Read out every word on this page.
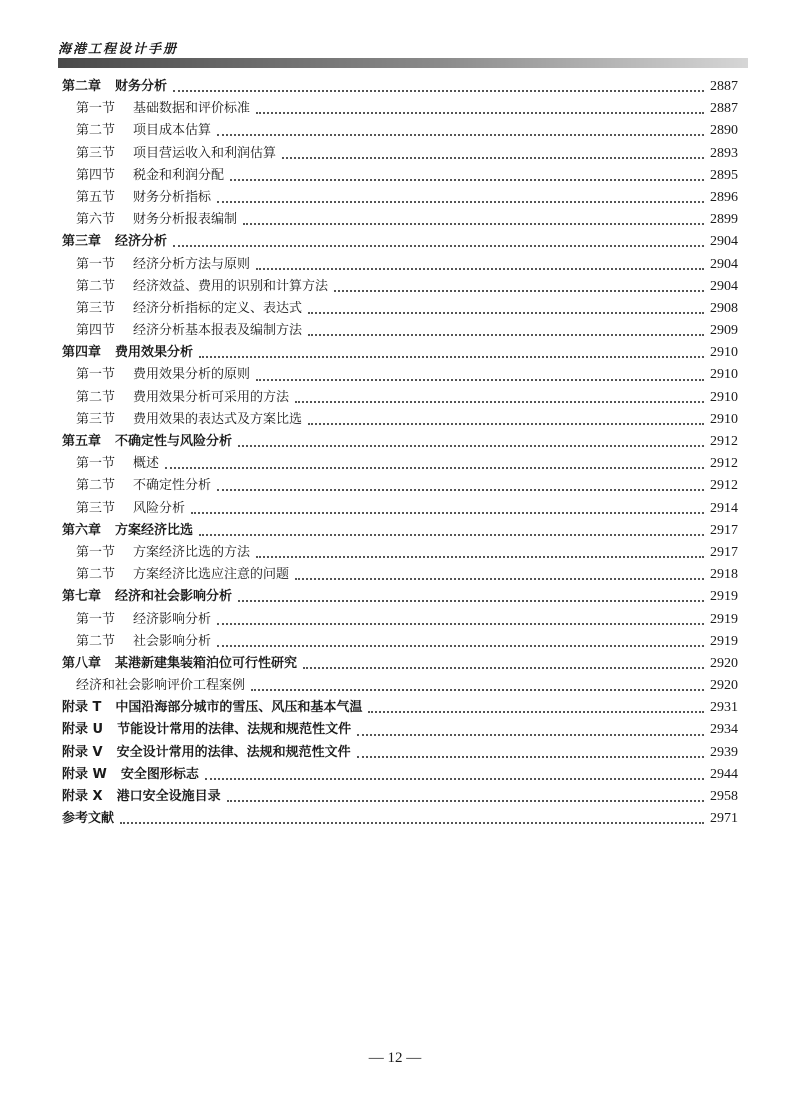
海港工程设计手册
第二章 财务分析	2887
第一节 基础数据和评价标准	2887
第二节 项目成本估算	2890
第三节 项目营运收入和利润估算	2893
第四节 税金和利润分配	2895
第五节 财务分析指标	2896
第六节 财务分析报表编制	2899
第三章 经济分析	2904
第一节 经济分析方法与原则	2904
第二节 经济效益、费用的识别和计算方法	2904
第三节 经济分析指标的定义、表达式	2908
第四节 经济分析基本报表及编制方法	2909
第四章 费用效果分析	2910
第一节 费用效果分析的原则	2910
第二节 费用效果分析可采用的方法	2910
第三节 费用效果的表达式及方案比选	2910
第五章 不确定性与风险分析	2912
第一节 概述	2912
第二节 不确定性分析	2912
第三节 风险分析	2914
第六章 方案经济比选	2917
第一节 方案经济比选的方法	2917
第二节 方案经济比选应注意的问题	2918
第七章 经济和社会影响分析	2919
第一节 经济影响分析	2919
第二节 社会影响分析	2919
第八章 某港新建集装箱泊位可行性研究	2920
经济和社会影响评价工程案例	2920
附录 T 中国沿海部分城市的雪压、风压和基本气温	2931
附录 U 节能设计常用的法律、法规和规范性文件	2934
附录 V 安全设计常用的法律、法规和规范性文件	2939
附录 W 安全图形标志	2944
附录 X 港口安全设施目录	2958
参考文献	2971
— 12 —
